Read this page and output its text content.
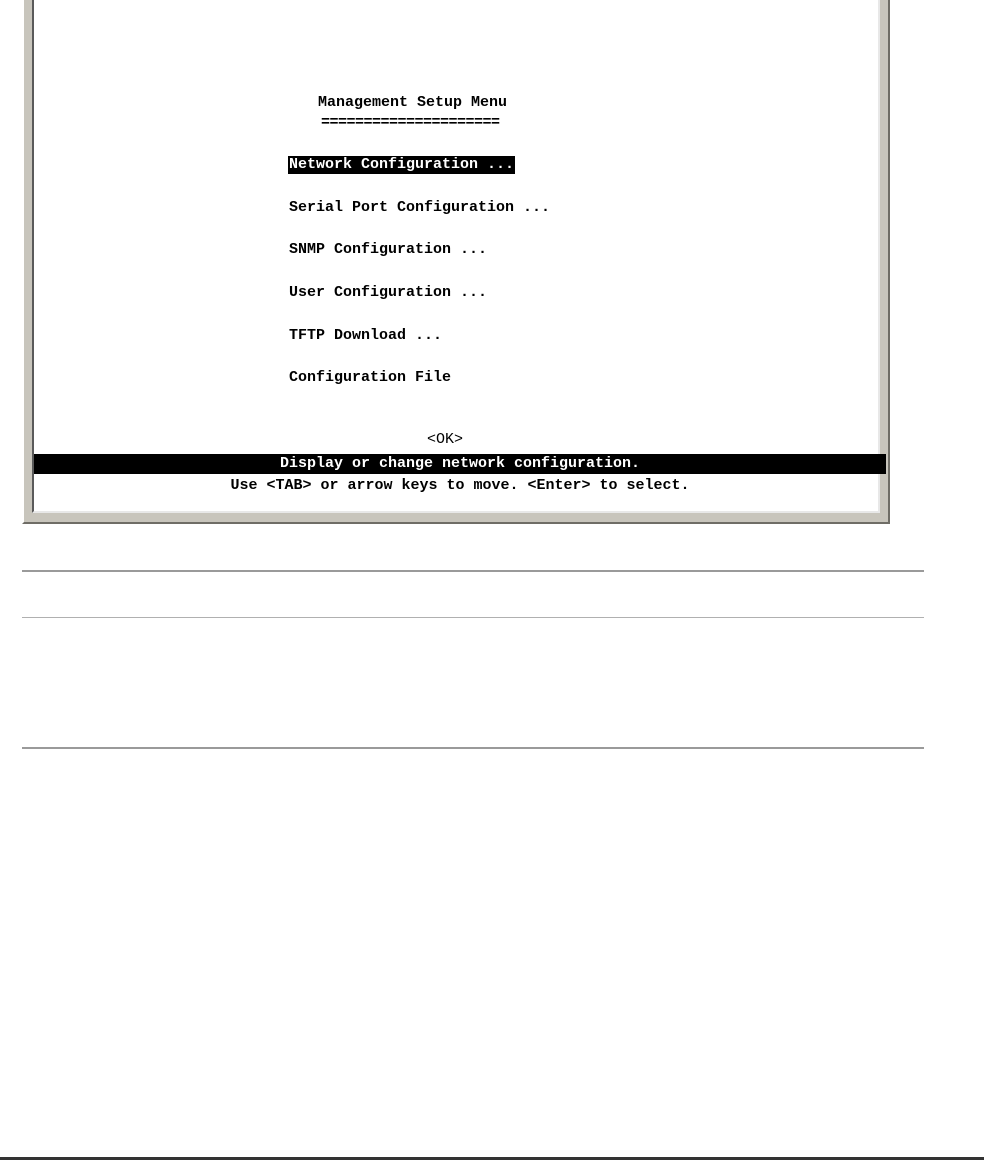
Management Setup Menu
=====================
Network Configuration ...
Serial Port Configuration ...
SNMP Configuration ...
User Configuration ...
TFTP Download ...
Configuration File
<OK>
Display or change network configuration.
Use <TAB> or arrow keys to move. <Enter> to select.
